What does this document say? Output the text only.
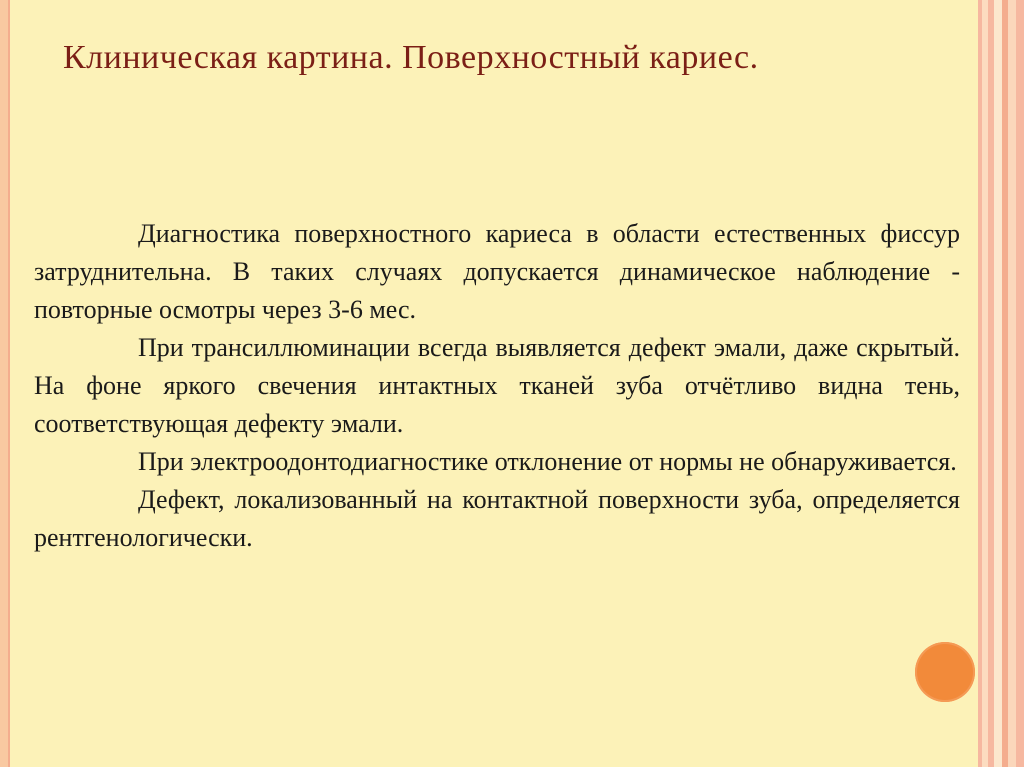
Клиническая картина. Поверхностный кариес.

Диагностика поверхностного кариеса в области естественных фиссур затруднительна. В таких случаях допускается динамическое наблюдение - повторные осмотры через 3-6 мес.

При трансиллюминации всегда выявляется дефект эмали, даже скрытый. На фоне яркого свечения интактных тканей зуба отчётливо видна тень, соответствующая дефекту эмали.

При электроодонтодиагностике отклонение от нормы не обнаруживается.

Дефект, локализованный на контактной поверхности зуба, определяется рентгенологически.
